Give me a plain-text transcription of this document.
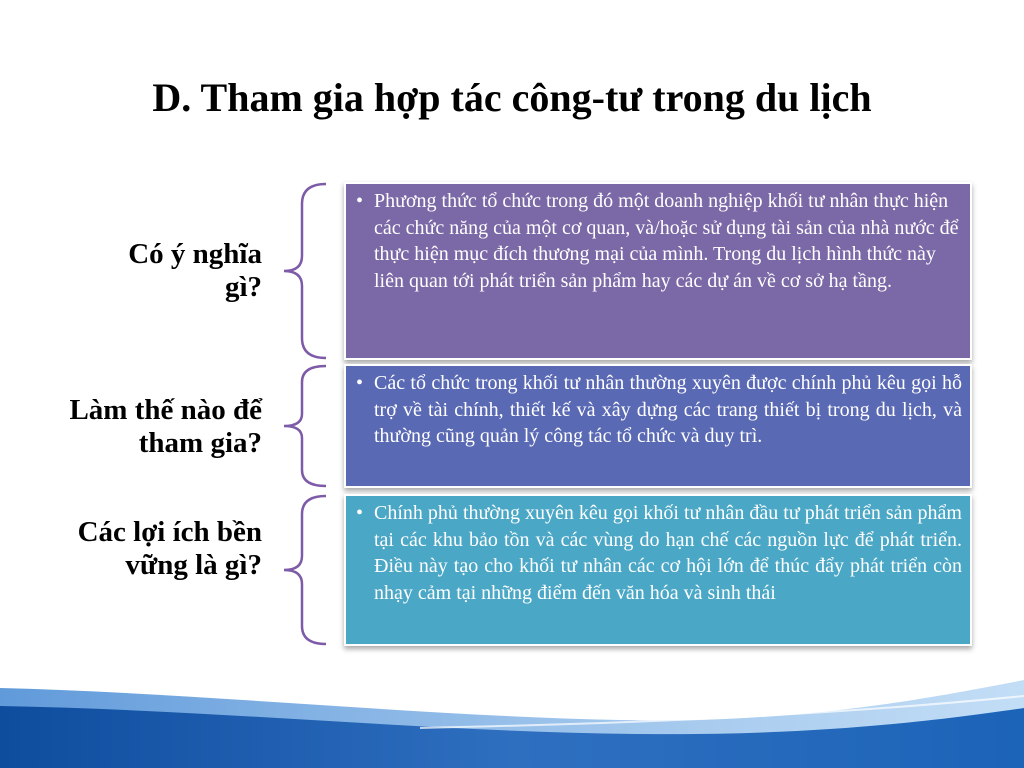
D. Tham gia hợp tác công-tư trong du lịch
Có ý nghĩa gì?
• Phương thức tổ chức trong đó một doanh nghiệp khối tư nhân thực hiện các chức năng của một cơ quan, và/hoặc sử dụng tài sản của nhà nước để thực hiện mục đích thương mại của mình. Trong du lịch hình thức này liên quan tới phát triển sản phẩm hay các dự án về cơ sở hạ tầng.
Làm thế nào để tham gia?
• Các tổ chức trong khối tư nhân thường xuyên được chính phủ kêu gọi hỗ trợ về tài chính, thiết kế và xây dựng các trang thiết bị trong du lịch, và thường cũng quản lý công tác tổ chức và duy trì.
Các lợi ích bền vững là gì?
• Chính phủ thường xuyên kêu gọi khối tư nhân đầu tư phát triển sản phẩm tại các khu bảo tồn và các vùng do hạn chế các nguồn lực để phát triển. Điều này tạo cho khối tư nhân các cơ hội lớn để thúc đẩy phát triển còn nhạy cảm tại những điểm đến văn hóa và sinh thái
